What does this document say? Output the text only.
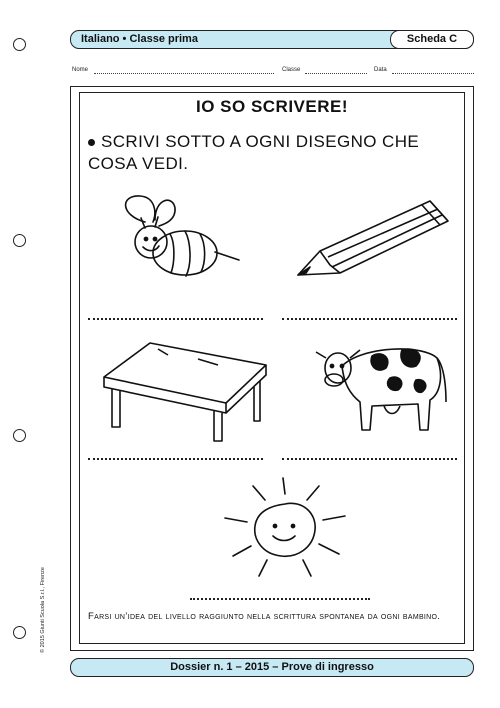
Italiano • Classe prima	Scheda C
Nome	Classe	Data
IO SO SCRIVERE!
SCRIVI SOTTO A OGNI DISEGNO CHE COSA VEDI.
Farsi un’idea del livello raggiunto nella scrittura spontanea da ogni bambino.
© 2015 Giunti Scuola S.r.l., Firenze
Dossier n. 1 – 2015 – Prove di ingresso
